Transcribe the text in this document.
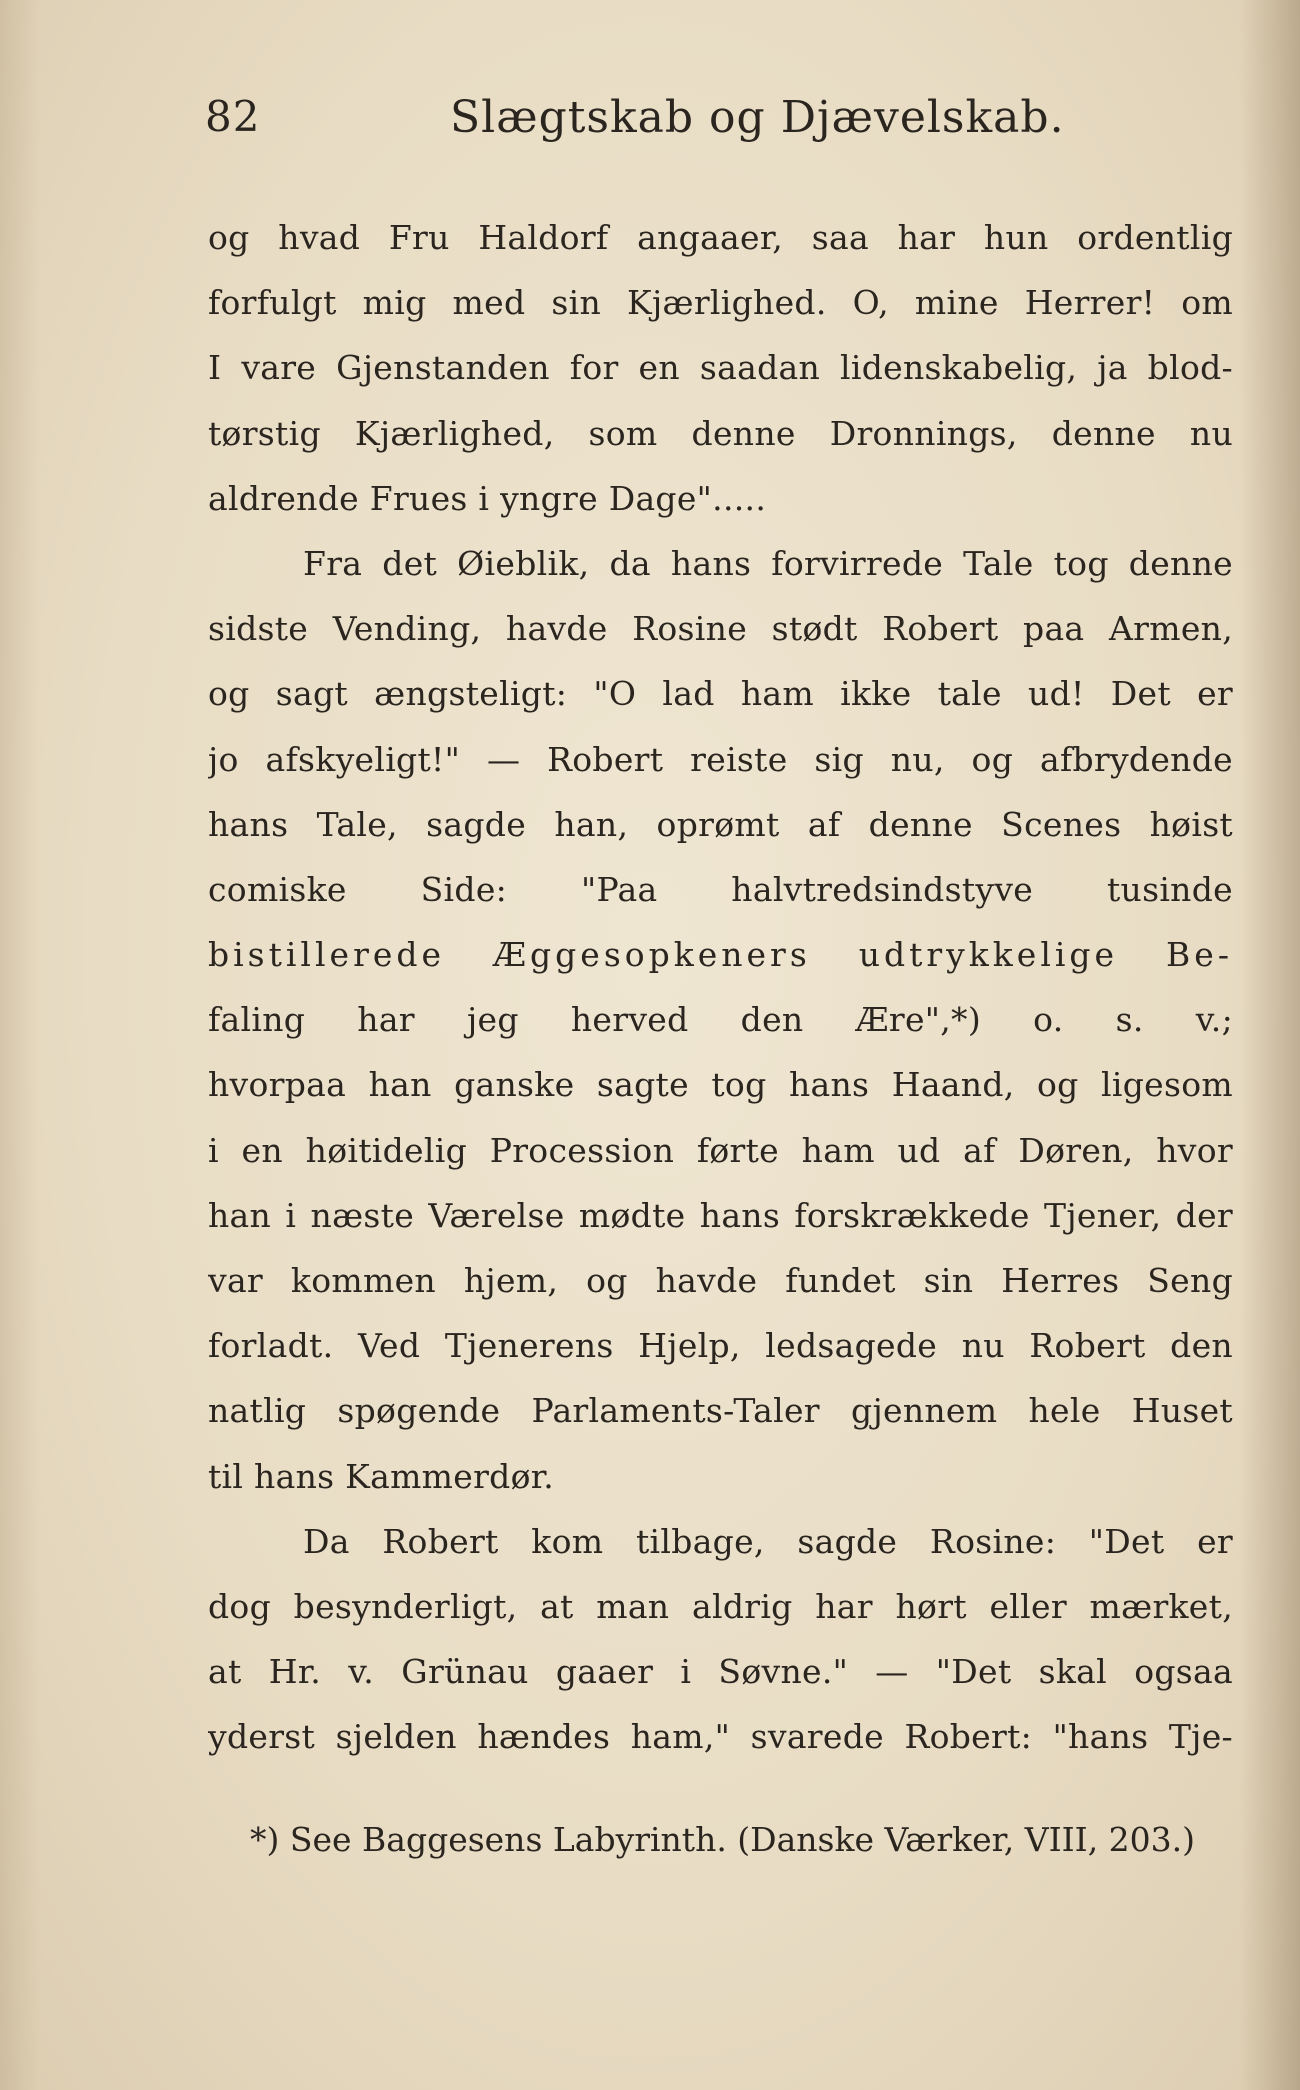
82	Slægtskab og Djævelskab.
og hvad Fru Haldorf angaaer, saa har hun ordentlig
forfulgt mig med sin Kjærlighed. O, mine Herrer! om
I vare Gjenstanden for en saadan lidenskabelig, ja blod-
tørstig Kjærlighed, som denne Dronnings, denne nu
aldrende Frues i yngre Dage".....
Fra det Øieblik, da hans forvirrede Tale tog denne
sidste Vending, havde Rosine stødt Robert paa Armen,
og sagt ængsteligt: "O lad ham ikke tale ud! Det er
jo afskyeligt!" — Robert reiste sig nu, og afbrydende
hans Tale, sagde han, oprømt af denne Scenes høist
comiske Side: "Paa halvtredsindstyve tusinde
bistillerede Æggesopkeners udtrykkelige Be-
faling har jeg herved den Ære",*) o. s. v.;
hvorpaa han ganske sagte tog hans Haand, og ligesom
i en høitidelig Procession førte ham ud af Døren, hvor
han i næste Værelse mødte hans forskrækkede Tjener, der
var kommen hjem, og havde fundet sin Herres Seng
forladt. Ved Tjenerens Hjelp, ledsagede nu Robert den
natlig spøgende Parlaments-Taler gjennem hele Huset
til hans Kammerdør.
Da Robert kom tilbage, sagde Rosine: "Det er
dog besynderligt, at man aldrig har hørt eller mærket,
at Hr. v. Grünau gaaer i Søvne." — "Det skal ogsaa
yderst sjelden hændes ham," svarede Robert: "hans Tje-
*) See Baggesens Labyrinth. (Danske Værker, VIII, 203.)
